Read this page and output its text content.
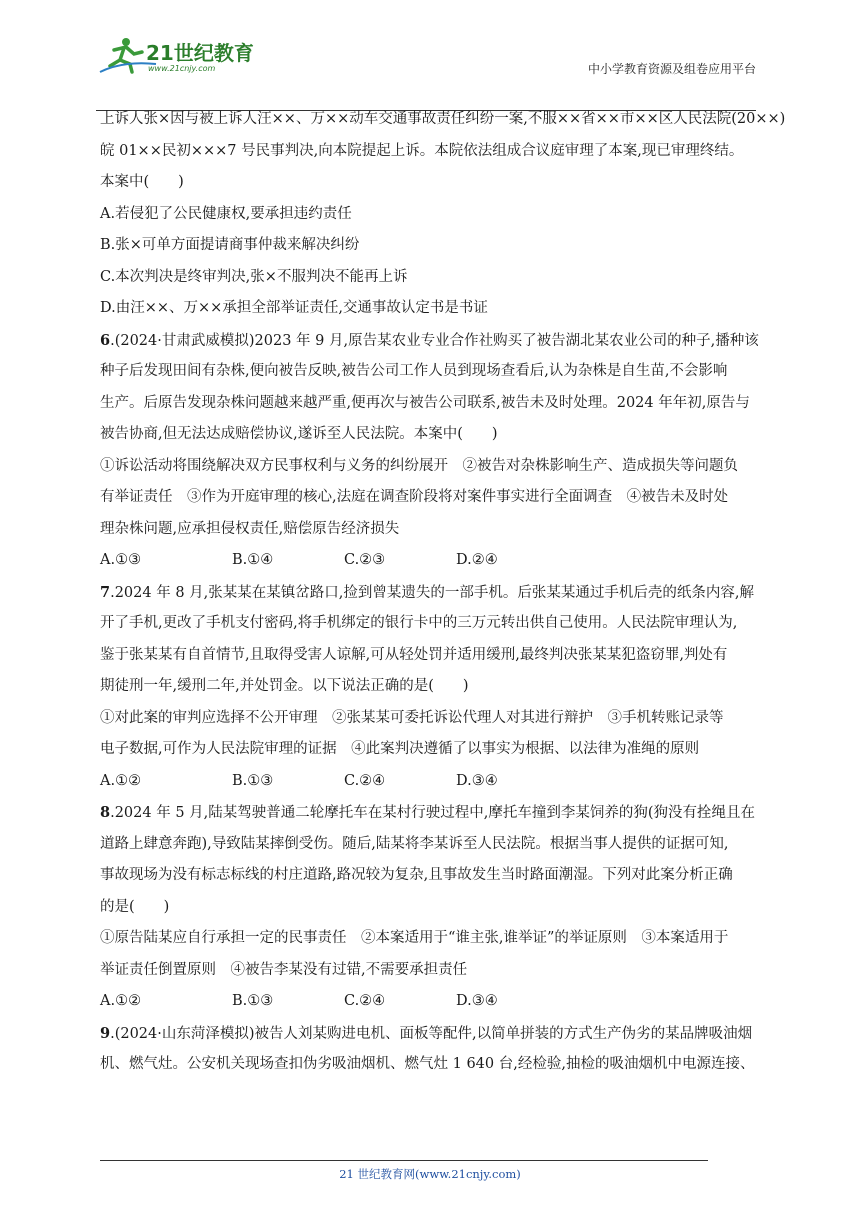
21世纪教育
www.21cnjy.com	中小学教育资源及组卷应用平台
上诉人张×因与被上诉人汪××、万××动车交通事故责任纠纷一案,不服××省××市××区人民法院(20××)
皖 01××民初×××7 号民事判决,向本院提起上诉。本院依法组成合议庭审理了本案,现已审理终结。
本案中(　　)
A.若侵犯了公民健康权,要承担违约责任
B.张×可单方面提请商事仲裁来解决纠纷
C.本次判决是终审判决,张×不服判决不能再上诉
D.由汪××、万××承担全部举证责任,交通事故认定书是书证
6.(2024·甘肃武威模拟)2023 年 9 月,原告某农业专业合作社购买了被告湖北某农业公司的种子,播种该
种子后发现田间有杂株,便向被告反映,被告公司工作人员到现场查看后,认为杂株是自生苗,不会影响
生产。后原告发现杂株问题越来越严重,便再次与被告公司联系,被告未及时处理。2024 年年初,原告与
被告协商,但无法达成赔偿协议,遂诉至人民法院。本案中(　　)
①诉讼活动将围绕解决双方民事权利与义务的纠纷展开　②被告对杂株影响生产、造成损失等问题负
有举证责任　③作为开庭审理的核心,法庭在调查阶段将对案件事实进行全面调查　④被告未及时处
理杂株问题,应承担侵权责任,赔偿原告经济损失
A.①③	B.①④	C.②③	D.②④
7.2024 年 8 月,张某某在某镇岔路口,捡到曾某遗失的一部手机。后张某某通过手机后壳的纸条内容,解
开了手机,更改了手机支付密码,将手机绑定的银行卡中的三万元转出供自己使用。人民法院审理认为,
鉴于张某某有自首情节,且取得受害人谅解,可从轻处罚并适用缓刑,最终判决张某某犯盗窃罪,判处有
期徒刑一年,缓刑二年,并处罚金。以下说法正确的是(　　)
①对此案的审判应选择不公开审理　②张某某可委托诉讼代理人对其进行辩护　③手机转账记录等
电子数据,可作为人民法院审理的证据　④此案判决遵循了以事实为根据、以法律为准绳的原则
A.①②	B.①③	C.②④	D.③④
8.2024 年 5 月,陆某驾驶普通二轮摩托车在某村行驶过程中,摩托车撞到李某饲养的狗(狗没有拴绳且在
道路上肆意奔跑),导致陆某摔倒受伤。随后,陆某将李某诉至人民法院。根据当事人提供的证据可知,
事故现场为没有标志标线的村庄道路,路况较为复杂,且事故发生当时路面潮湿。下列对此案分析正确
的是(　　)
①原告陆某应自行承担一定的民事责任　②本案适用于“谁主张,谁举证”的举证原则　③本案适用于
举证责任倒置原则　④被告李某没有过错,不需要承担责任
A.①②	B.①③	C.②④	D.③④
9.(2024·山东菏泽模拟)被告人刘某购进电机、面板等配件,以简单拼装的方式生产伪劣的某品牌吸油烟
机、燃气灶。公安机关现场查扣伪劣吸油烟机、燃气灶 1 640 台,经检验,抽检的吸油烟机中电源连接、
21 世纪教育网(www.21cnjy.com)
